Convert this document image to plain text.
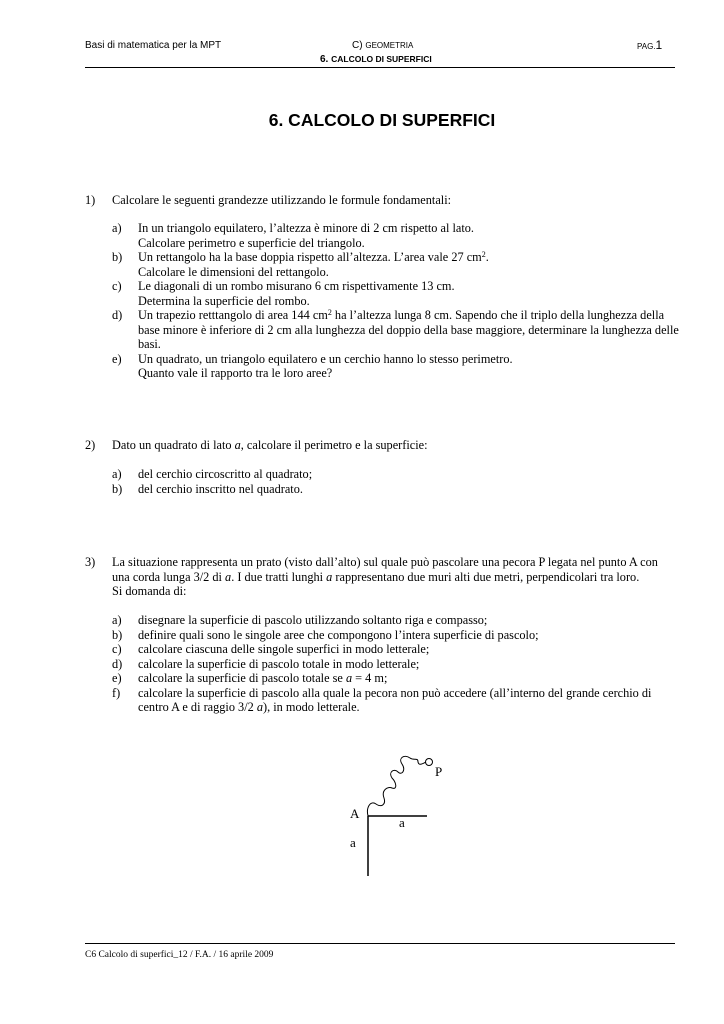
Basi di matematica per la MPT	C) GEOMETRIA	PAG.1
6. CALCOLO DI SUPERFICI
6. CALCOLO DI SUPERFICI
1) Calcolare le seguenti grandezze utilizzando le formule fondamentali:
a) In un triangolo equilatero, l’altezza è minore di 2 cm rispetto al lato.
Calcolare perimetro e superficie del triangolo.
b) Un rettangolo ha la base doppia rispetto all’altezza. L’area vale 27 $cm^2$.
Calcolare le dimensioni del rettangolo.
c) Le diagonali di un rombo misurano 6 cm rispettivamente 13 cm.
Determina la superficie del rombo.
d) Un trapezio retttangolo di area 144 $cm^2$ ha l’altezza lunga 8 cm. Sapendo che il triplo della lunghezza della
base minore è inferiore di 2 cm alla lunghezza del doppio della base maggiore, determinare la lunghezza delle
basi.
e) Un quadrato, un triangolo equilatero e un cerchio hanno lo stesso perimetro.
Quanto vale il rapporto tra le loro aree?
2) Dato un quadrato di lato a, calcolare il perimetro e la superficie:
a) del cerchio circoscritto al quadrato;
b) del cerchio inscritto nel quadrato.
3) La situazione rappresenta un prato (visto dall’alto) sul quale può pascolare una pecora P legata nel punto A con
una corda lunga 3/2 di a. I due tratti lunghi a rappresentano due muri alti due metri, perpendicolari tra loro.
Si domanda di:
a) disegnare la superficie di pascolo utilizzando soltanto riga e compasso;
b) definire quali sono le singole aree che compongono l’intera superficie di pascolo;
c) calcolare ciascuna delle singole superfici in modo letterale;
d) calcolare la superficie di pascolo totale in modo letterale;
e) calcolare la superficie di pascolo totale se a = 4 m;
f) calcolare la superficie di pascolo alla quale la pecora non può accedere (all’interno del grande cerchio di
centro A e di raggio 3/2 a), in modo letterale.
P
A
a
a
C6 Calcolo di superfici_12 / F.A. / 16 aprile 2009
